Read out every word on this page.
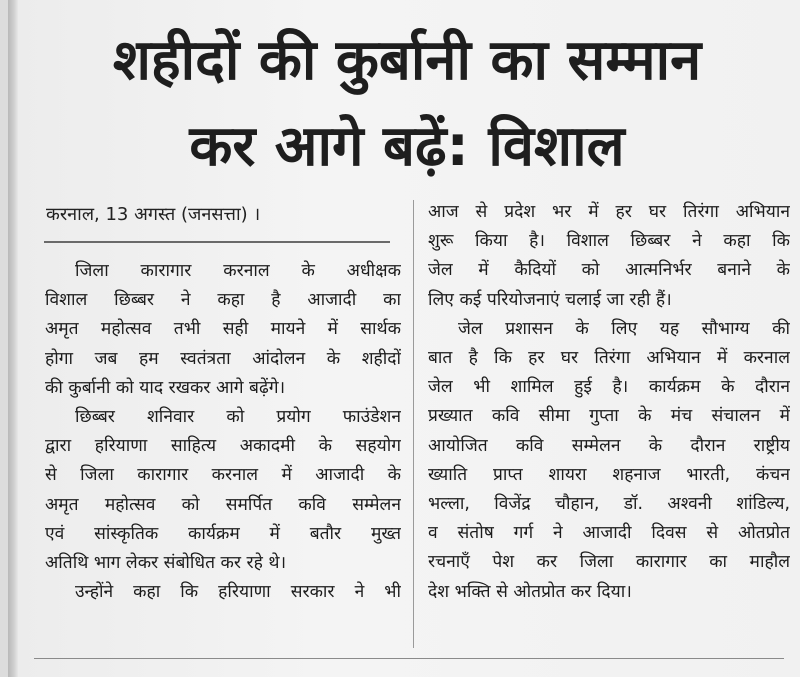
शहीदों की कुर्बानी का सम्मान
कर आगे बढ़ें: विशाल
करनाल, 13 अगस्त (जनसत्ता) ।
जिला कारागार करनाल के अधीक्षक
विशाल छिब्बर ने कहा है आजादी का
अमृत महोत्सव तभी सही मायने में सार्थक
होगा जब हम स्वतंत्रता आंदोलन के शहीदों
की कुर्बानी को याद रखकर आगे बढ़ेंगे।
छिब्बर शनिवार को प्रयोग फाउंडेशन
द्वारा हरियाणा साहित्य अकादमी के सहयोग
से जिला कारागार करनाल में आजादी के
अमृत महोत्सव को समर्पित कवि सम्मेलन
एवं सांस्कृतिक कार्यक्रम में बतौर मुख्त
अतिथि भाग लेकर संबोधित कर रहे थे।
उन्होंने कहा कि हरियाणा सरकार ने भी
आज से प्रदेश भर में हर घर तिरंगा अभियान
शुरू किया है। विशाल छिब्बर ने कहा कि
जेल में कैदियों को आत्मनिर्भर बनाने के
लिए कई परियोजनाएं चलाई जा रही हैं।
जेल प्रशासन के लिए यह सौभाग्य की
बात है कि हर घर तिरंगा अभियान में करनाल
जेल भी शामिल हुई है। कार्यक्रम के दौरान
प्रख्यात कवि सीमा गुप्ता के मंच संचालन में
आयोजित कवि सम्मेलन के दौरान राष्ट्रीय
ख्याति प्राप्त शायरा शहनाज भारती, कंचन
भल्ला, विजेंद्र चौहान, डॉ. अश्वनी शांडिल्य,
व संतोष गर्ग ने आजादी दिवस से ओतप्रोत
रचनाएँ पेश कर जिला कारागार का माहौल
देश भक्ति से ओतप्रोत कर दिया।
